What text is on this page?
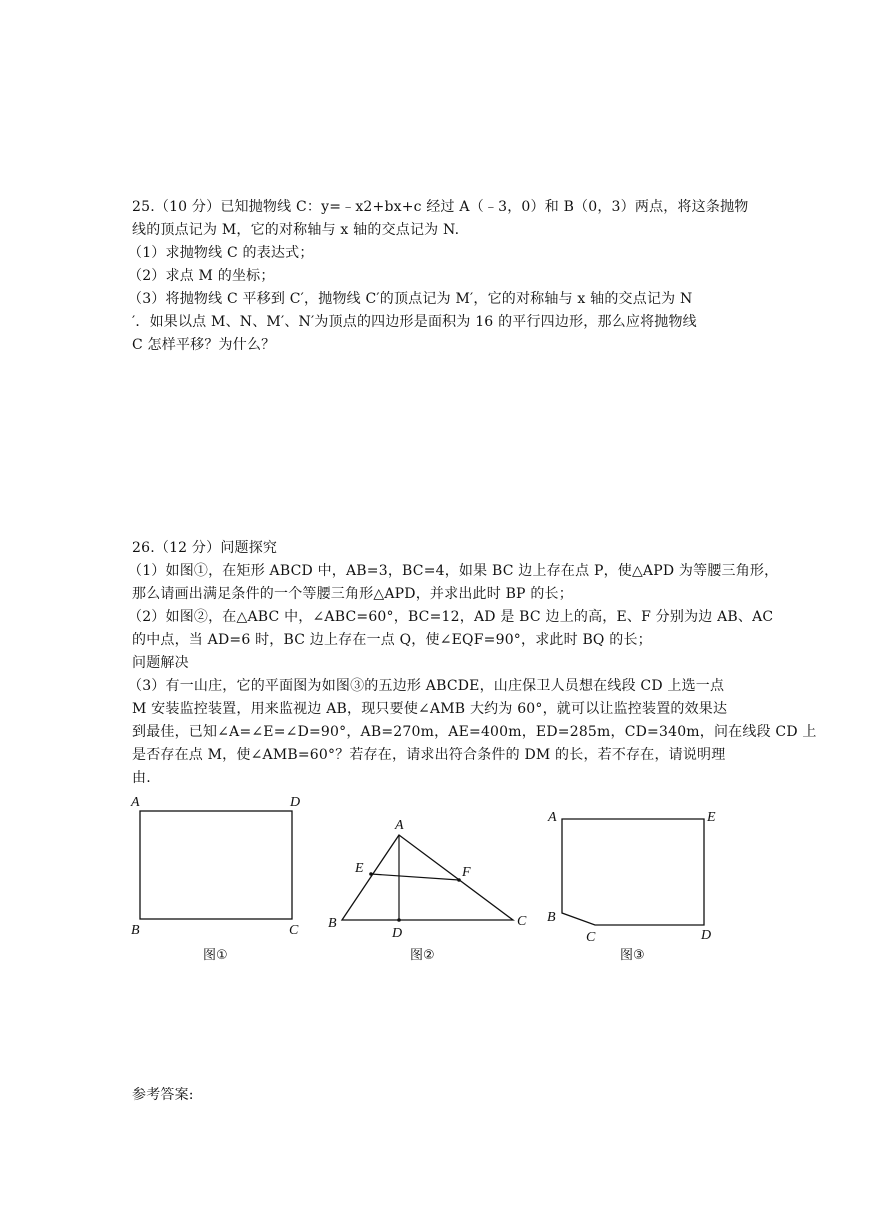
25.（10 分）已知抛物线 C：y=﹣x2+bx+c 经过 A（﹣3，0）和 B（0，3）两点，将这条抛物
线的顶点记为 M，它的对称轴与 x 轴的交点记为 N.
（1）求抛物线 C 的表达式；
（2）求点 M 的坐标；
（3）将抛物线 C 平移到 C′，抛物线 C′的顶点记为 M′，它的对称轴与 x 轴的交点记为 N
′．如果以点 M、N、M′、N′为顶点的四边形是面积为 16 的平行四边形，那么应将抛物线
C 怎样平移？为什么？
26.（12 分）问题探究
（1）如图①，在矩形 ABCD 中，AB=3，BC=4，如果 BC 边上存在点 P，使△APD 为等腰三角形，
那么请画出满足条件的一个等腰三角形△APD，并求出此时 BP 的长；
（2）如图②，在△ABC 中，∠ABC=60°，BC=12，AD 是 BC 边上的高，E、F 分别为边 AB、AC
的中点，当 AD=6 时，BC 边上存在一点 Q，使∠EQF=90°，求此时 BQ 的长；
问题解决
（3）有一山庄，它的平面图为如图③的五边形 ABCDE，山庄保卫人员想在线段 CD 上选一点
M 安装监控装置，用来监视边 AB，现只要使∠AMB 大约为 60°，就可以让监控装置的效果达
到最佳，已知∠A=∠E=∠D=90°，AB=270m，AE=400m，ED=285m，CD=340m，问在线段 CD 上
是否存在点 M，使∠AMB=60°？若存在，请求出符合条件的 DM 的长，若不存在，请说明理
由.
A	D
B	C
图①
A
E	F
B
D
C
图②
A	E
B
C	D
图③
参考答案:
